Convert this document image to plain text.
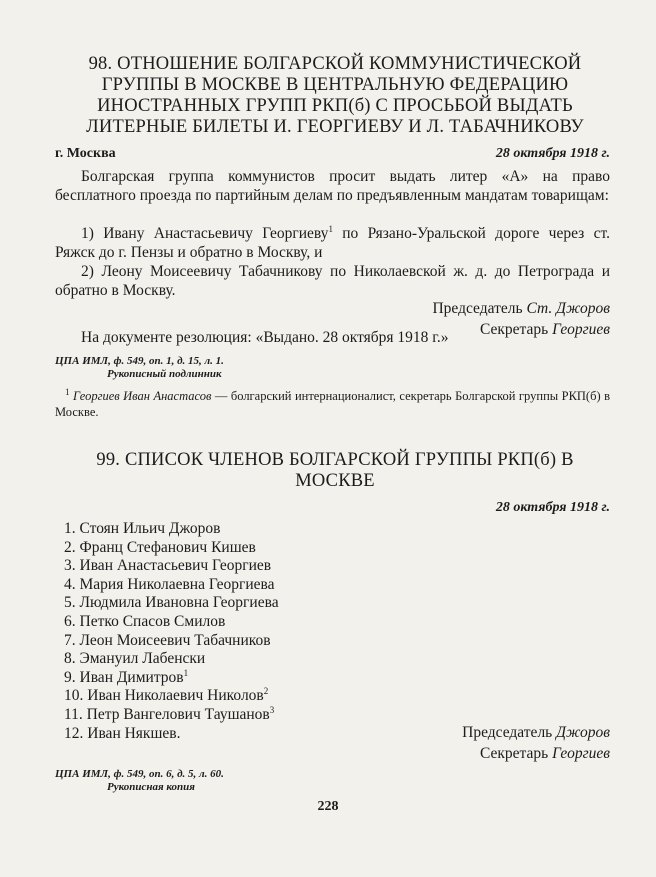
98. ОТНОШЕНИЕ БОЛГАРСКОЙ КОММУНИСТИЧЕСКОЙ ГРУППЫ В МОСКВЕ В ЦЕНТРАЛЬНУЮ ФЕДЕРАЦИЮ ИНОСТРАННЫХ ГРУПП РКП(б) С ПРОСЬБОЙ ВЫДАТЬ ЛИТЕРНЫЕ БИЛЕТЫ И. ГЕОРГИЕВУ И Л. ТАБАЧНИКОВУ
г. Москва	28 октября 1918 г.

Болгарская группа коммунистов просит выдать литер «А» на право бесплатного проезда по партийным делам по предъявленным мандатам товарищам:

1) Ивану Анастасьевичу Георгиеву$^1$ по Рязано-Уральской дороге через ст. Ряжск до г. Пензы и обратно в Москву, и

2) Леону Моисеевичу Табачникову по Николаевской ж. д. до Петрограда и обратно в Москву.

Председатель Ст. Джоров
Секретарь Георгиев

На документе резолюция: «Выдано. 28 октября 1918 г.»

ЦПА ИМЛ, ф. 549, оп. 1, д. 15, л. 1.
Рукописный подлинник

$^1$ Георгиев Иван Анастасов — болгарский интернационалист, секретарь Болгарской группы РКП(б) в Москве.

99. СПИСОК ЧЛЕНОВ БОЛГАРСКОЙ ГРУППЫ РКП(б) В МОСКВЕ
28 октября 1918 г.
1. Стоян Ильич Джоров
2. Франц Стефанович Кишев
3. Иван Анастасьевич Георгиев
4. Мария Николаевна Георгиева
5. Людмила Ивановна Георгиева
6. Петко Спасов Смилов
7. Леон Моисеевич Табачников
8. Эмануил Лабенски
9. Иван Димитров$^1$
10. Иван Николаевич Николов$^2$
11. Петр Вангелович Таушанов$^3$
12. Иван Някшев.	Председатель Джоров
Секретарь Георгиев
ЦПА ИМЛ, ф. 549, оп. 6, д. 5, л. 60.
Рукописная копия
228
